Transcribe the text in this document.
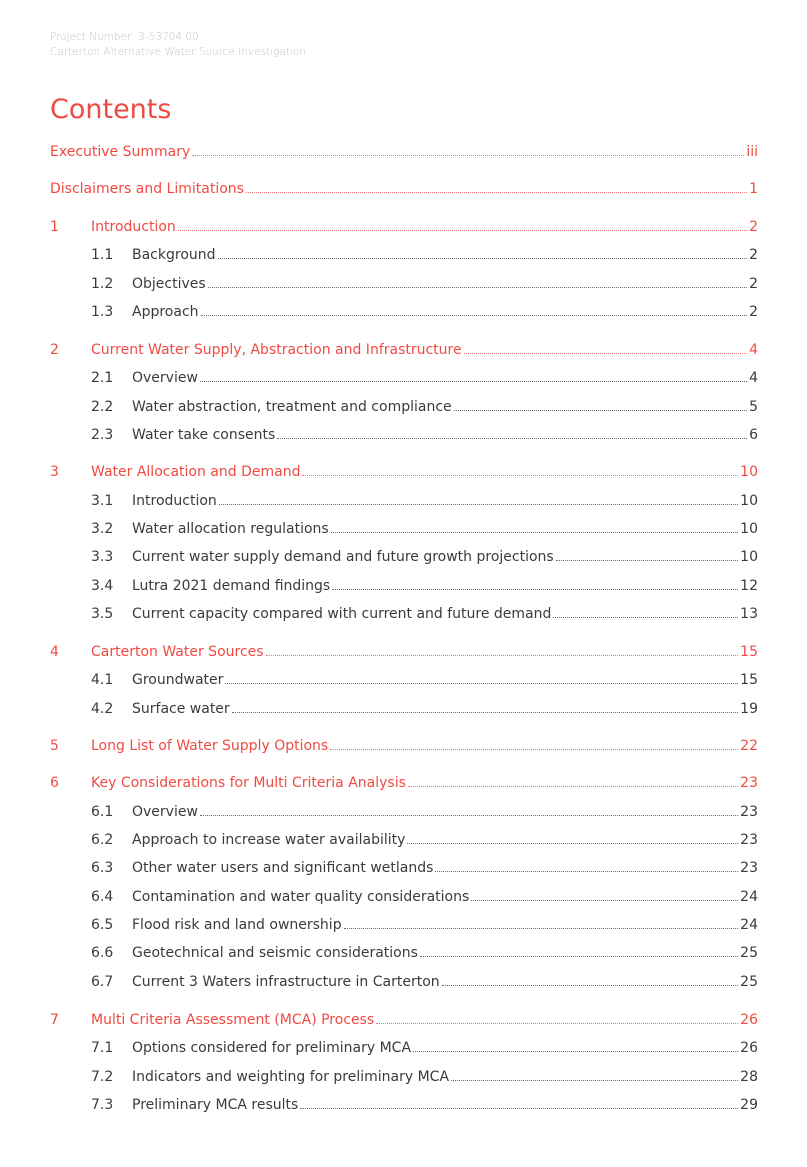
Project Number: 3-53704.00
Carterton Alternative Water Source Investigation
Contents
Executive Summary	iii
Disclaimers and Limitations	1
1	Introduction	2
1.1	Background	2
1.2	Objectives	2
1.3	Approach	2
2	Current Water Supply, Abstraction and Infrastructure	4
2.1	Overview	4
2.2	Water abstraction, treatment and compliance	5
2.3	Water take consents	6
3	Water Allocation and Demand	10
3.1	Introduction	10
3.2	Water allocation regulations	10
3.3	Current water supply demand and future growth projections	10
3.4	Lutra 2021 demand findings	12
3.5	Current capacity compared with current and future demand	13
4	Carterton Water Sources	15
4.1	Groundwater	15
4.2	Surface water	19
5	Long List of Water Supply Options	22
6	Key Considerations for Multi Criteria Analysis	23
6.1	Overview	23
6.2	Approach to increase water availability	23
6.3	Other water users and significant wetlands	23
6.4	Contamination and water quality considerations	24
6.5	Flood risk and land ownership	24
6.6	Geotechnical and seismic considerations	25
6.7	Current 3 Waters infrastructure in Carterton	25
7	Multi Criteria Assessment (MCA) Process	26
7.1	Options considered for preliminary MCA	26
7.2	Indicators and weighting for preliminary MCA	28
7.3	Preliminary MCA results	29
